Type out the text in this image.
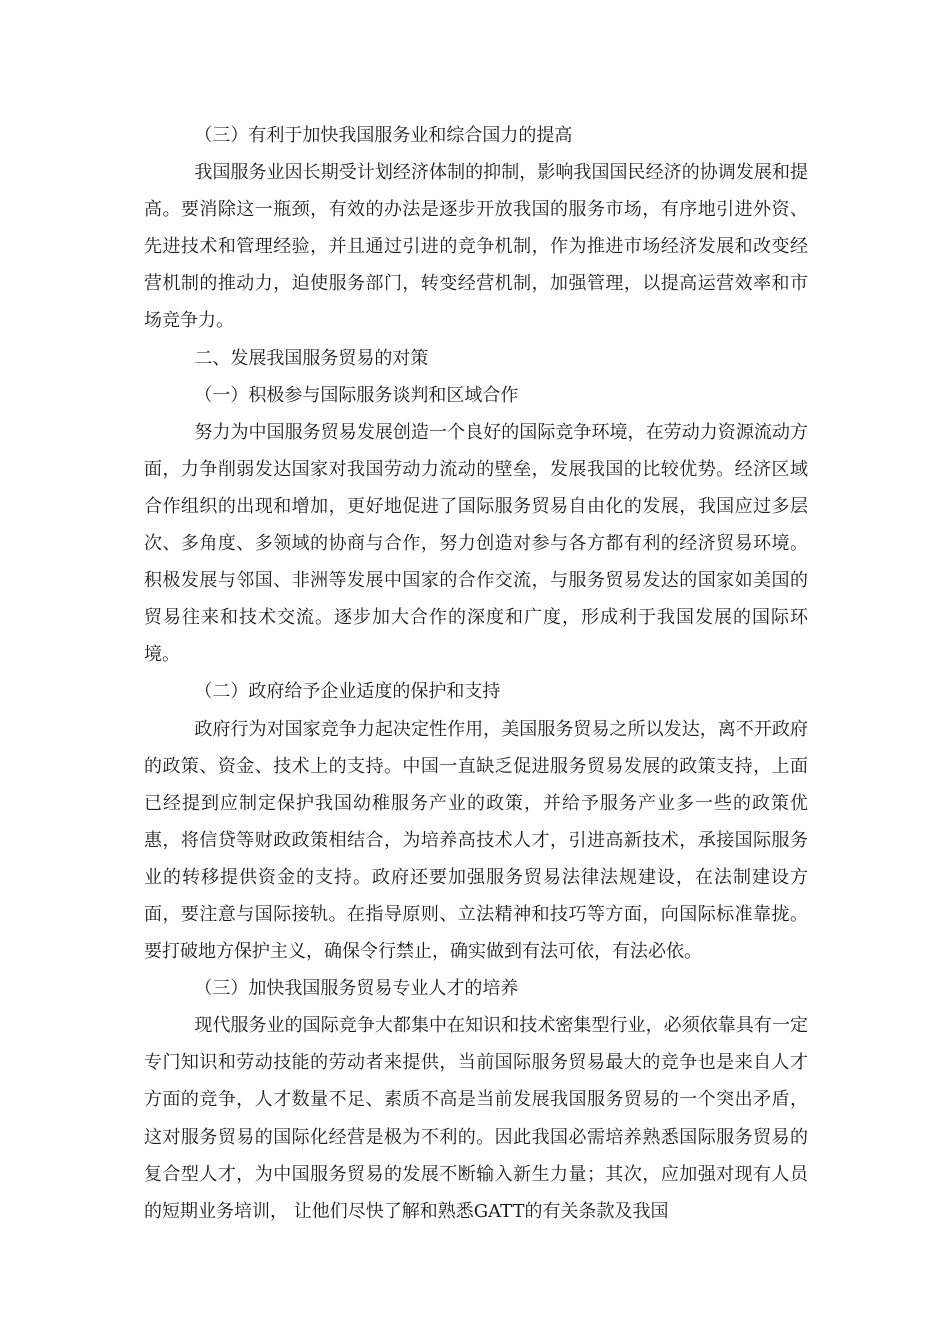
（三）有利于加快我国服务业和综合国力的提高

我国服务业因长期受计划经济体制的抑制，影响我国国民经济的协调发展和提高。要消除这一瓶颈，有效的办法是逐步开放我国的服务市场，有序地引进外资、先进技术和管理经验，并且通过引进的竞争机制，作为推进市场经济发展和改变经营机制的推动力，迫使服务部门，转变经营机制，加强管理，以提高运营效率和市场竞争力。

二、发展我国服务贸易的对策

（一）积极参与国际服务谈判和区域合作

努力为中国服务贸易发展创造一个良好的国际竞争环境，在劳动力资源流动方面，力争削弱发达国家对我国劳动力流动的壁垒，发展我国的比较优势。经济区域合作组织的出现和增加，更好地促进了国际服务贸易自由化的发展，我国应过多层次、多角度、多领域的协商与合作，努力创造对参与各方都有利的经济贸易环境。积极发展与邻国、非洲等发展中国家的合作交流，与服务贸易发达的国家如美国的贸易往来和技术交流。逐步加大合作的深度和广度，形成利于我国发展的国际环境。

（二）政府给予企业适度的保护和支持

政府行为对国家竞争力起决定性作用，美国服务贸易之所以发达，离不开政府的政策、资金、技术上的支持。中国一直缺乏促进服务贸易发展的政策支持，上面已经提到应制定保护我国幼稚服务产业的政策，并给予服务产业多一些的政策优惠，将信贷等财政政策相结合，为培养高技术人才，引进高新技术，承接国际服务业的转移提供资金的支持。政府还要加强服务贸易法律法规建设，在法制建设方面，要注意与国际接轨。在指导原则、立法精神和技巧等方面，向国际标准靠拢。要打破地方保护主义，确保令行禁止，确实做到有法可依，有法必依。

（三）加快我国服务贸易专业人才的培养

现代服务业的国际竞争大都集中在知识和技术密集型行业，必须依靠具有一定专门知识和劳动技能的劳动者来提供，当前国际服务贸易最大的竞争也是来自人才方面的竞争，人才数量不足、素质不高是当前发展我国服务贸易的一个突出矛盾，这对服务贸易的国际化经营是极为不利的。因此我国必需培养熟悉国际服务贸易的复合型人才，为中国服务贸易的发展不断输入新生力量；其次，应加强对现有人员的短期业务培训， 让他们尽快了解和熟悉GATT的有关条款及我国
